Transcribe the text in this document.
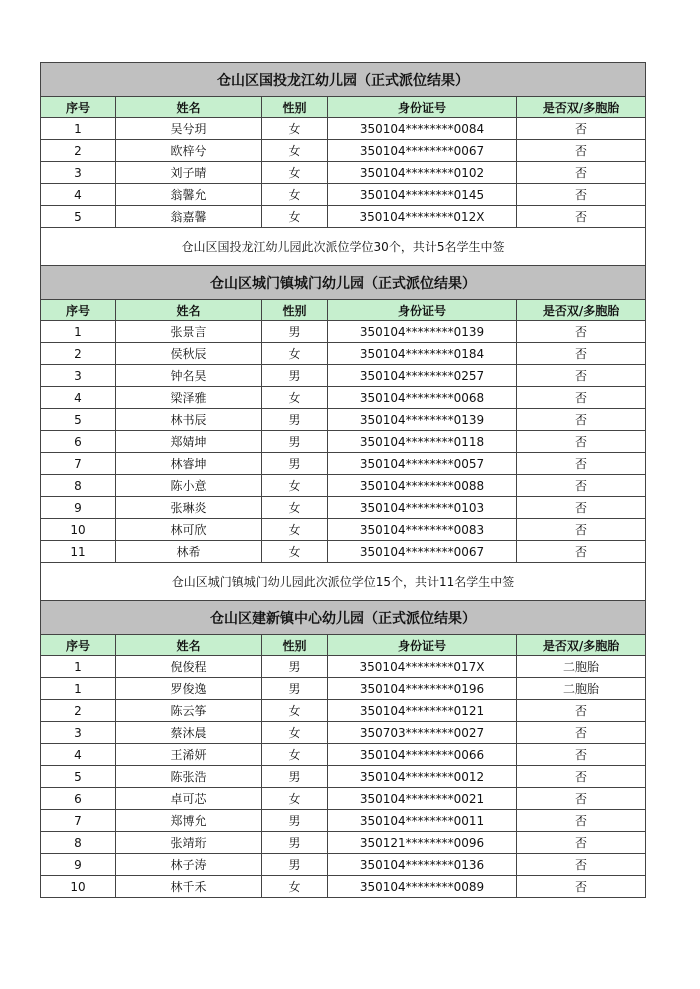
仓山区国投龙江幼儿园（正式派位结果）				
序号	姓名	性别	身份证号	是否双/多胞胎
1	吴兮玥	女	350104********0084	否
2	欧梓兮	女	350104********0067	否
3	刘子晴	女	350104********0102	否
4	翁馨允	女	350104********0145	否
5	翁嘉馨	女	350104********012X	否
仓山区国投龙江幼儿园此次派位学位30个，共计5名学生中签				
仓山区城门镇城门幼儿园（正式派位结果）				
序号	姓名	性别	身份证号	是否双/多胞胎
1	张景言	男	350104********0139	否
2	侯秋辰	女	350104********0184	否
3	钟名昊	男	350104********0257	否
4	梁泽雅	女	350104********0068	否
5	林书辰	男	350104********0139	否
6	郑婧坤	男	350104********0118	否
7	林睿坤	男	350104********0057	否
8	陈小意	女	350104********0088	否
9	张琳炎	女	350104********0103	否
10	林可欣	女	350104********0083	否
11	林希	女	350104********0067	否
仓山区城门镇城门幼儿园此次派位学位15个，共计11名学生中签				
仓山区建新镇中心幼儿园（正式派位结果）				
序号	姓名	性别	身份证号	是否双/多胞胎
1	倪俊程	男	350104********017X	二胞胎
1	罗俊逸	男	350104********0196	二胞胎
2	陈云筝	女	350104********0121	否
3	蔡沐晨	女	350703********0027	否
4	王浠妍	女	350104********0066	否
5	陈张浩	男	350104********0012	否
6	卓可芯	女	350104********0021	否
7	郑博允	男	350104********0011	否
8	张靖珩	男	350121********0096	否
9	林子涛	男	350104********0136	否
10	林千禾	女	350104********0089	否
